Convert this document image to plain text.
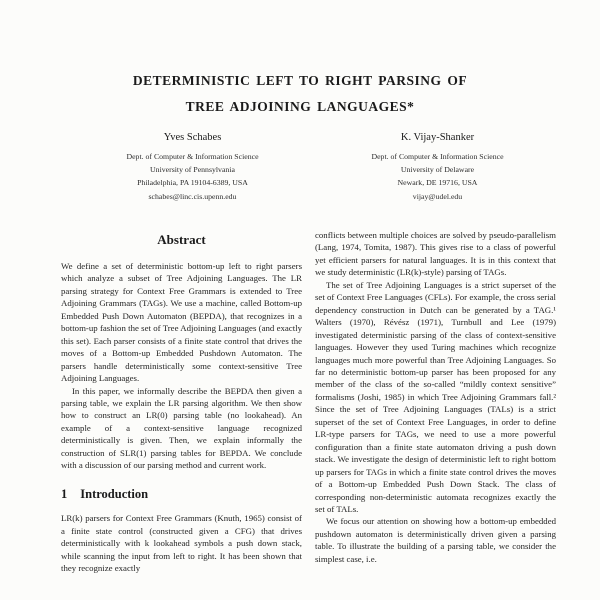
DETERMINISTIC LEFT TO RIGHT PARSING OF
TREE ADJOINING LANGUAGES*
Yves Schabes
Dept. of Computer & Information Science
University of Pennsylvania
Philadelphia, PA 19104-6389, USA
schabes@linc.cis.upenn.edu
K. Vijay-Shanker
Dept. of Computer & Information Science
University of Delaware
Newark, DE 19716, USA
vijay@udel.edu
Abstract

We define a set of deterministic bottom-up left to right parsers which analyze a subset of Tree Adjoining Languages. The LR parsing strategy for Context Free Grammars is extended to Tree Adjoining Grammars (TAGs). We use a machine, called Bottom-up Embedded Push Down Automaton (BEPDA), that recognizes in a bottom-up fashion the set of Tree Adjoining Languages (and exactly this set). Each parser consists of a finite state control that drives the moves of a Bottom-up Embedded Pushdown Automaton. The parsers handle deterministically some context-sensitive Tree Adjoining Languages.

In this paper, we informally describe the BEPDA then given a parsing table, we explain the LR parsing algorithm. We then show how to construct an LR(0) parsing table (no lookahead). An example of a context-sensitive language recognized deterministically is given. Then, we explain informally the construction of SLR(1) parsing tables for BEPDA. We conclude with a discussion of our parsing method and current work.

1 Introduction

LR(k) parsers for Context Free Grammars (Knuth, 1965) consist of a finite state control (constructed given a CFG) that drives deterministically with k lookahead symbols a push down stack, while scanning the input from left to right. It has been shown that they recognize exactly

conflicts between multiple choices are solved by pseudo-parallelism (Lang, 1974, Tomita, 1987). This gives rise to a class of powerful yet efficient parsers for natural languages. It is in this context that we study deterministic (LR(k)-style) parsing of TAGs.

The set of Tree Adjoining Languages is a strict superset of the set of Context Free Languages (CFLs). For example, the cross serial dependency construction in Dutch can be generated by a TAG.¹ Walters (1970), Révész (1971), Turnbull and Lee (1979) investigated deterministic parsing of the class of context-sensitive languages. However they used Turing machines which recognize languages much more powerful than Tree Adjoining Languages. So far no deterministic bottom-up parser has been proposed for any member of the class of the so-called “mildly context sensitive” formalisms (Joshi, 1985) in which Tree Adjoining Grammars fall.² Since the set of Tree Adjoining Languages (TALs) is a strict superset of the set of Context Free Languages, in order to define LR-type parsers for TAGs, we need to use a more powerful configuration than a finite state automaton driving a push down stack. We investigate the design of deterministic left to right bottom up parsers for TAGs in which a finite state control drives the moves of a Bottom-up Embedded Push Down Stack. The class of corresponding non-deterministic automata recognizes exactly the set of TALs.

We focus our attention on showing how a bottom-up embedded pushdown automaton is deterministically driven given a parsing table. To illustrate the building of a parsing table, we consider the simplest case, i.e.
